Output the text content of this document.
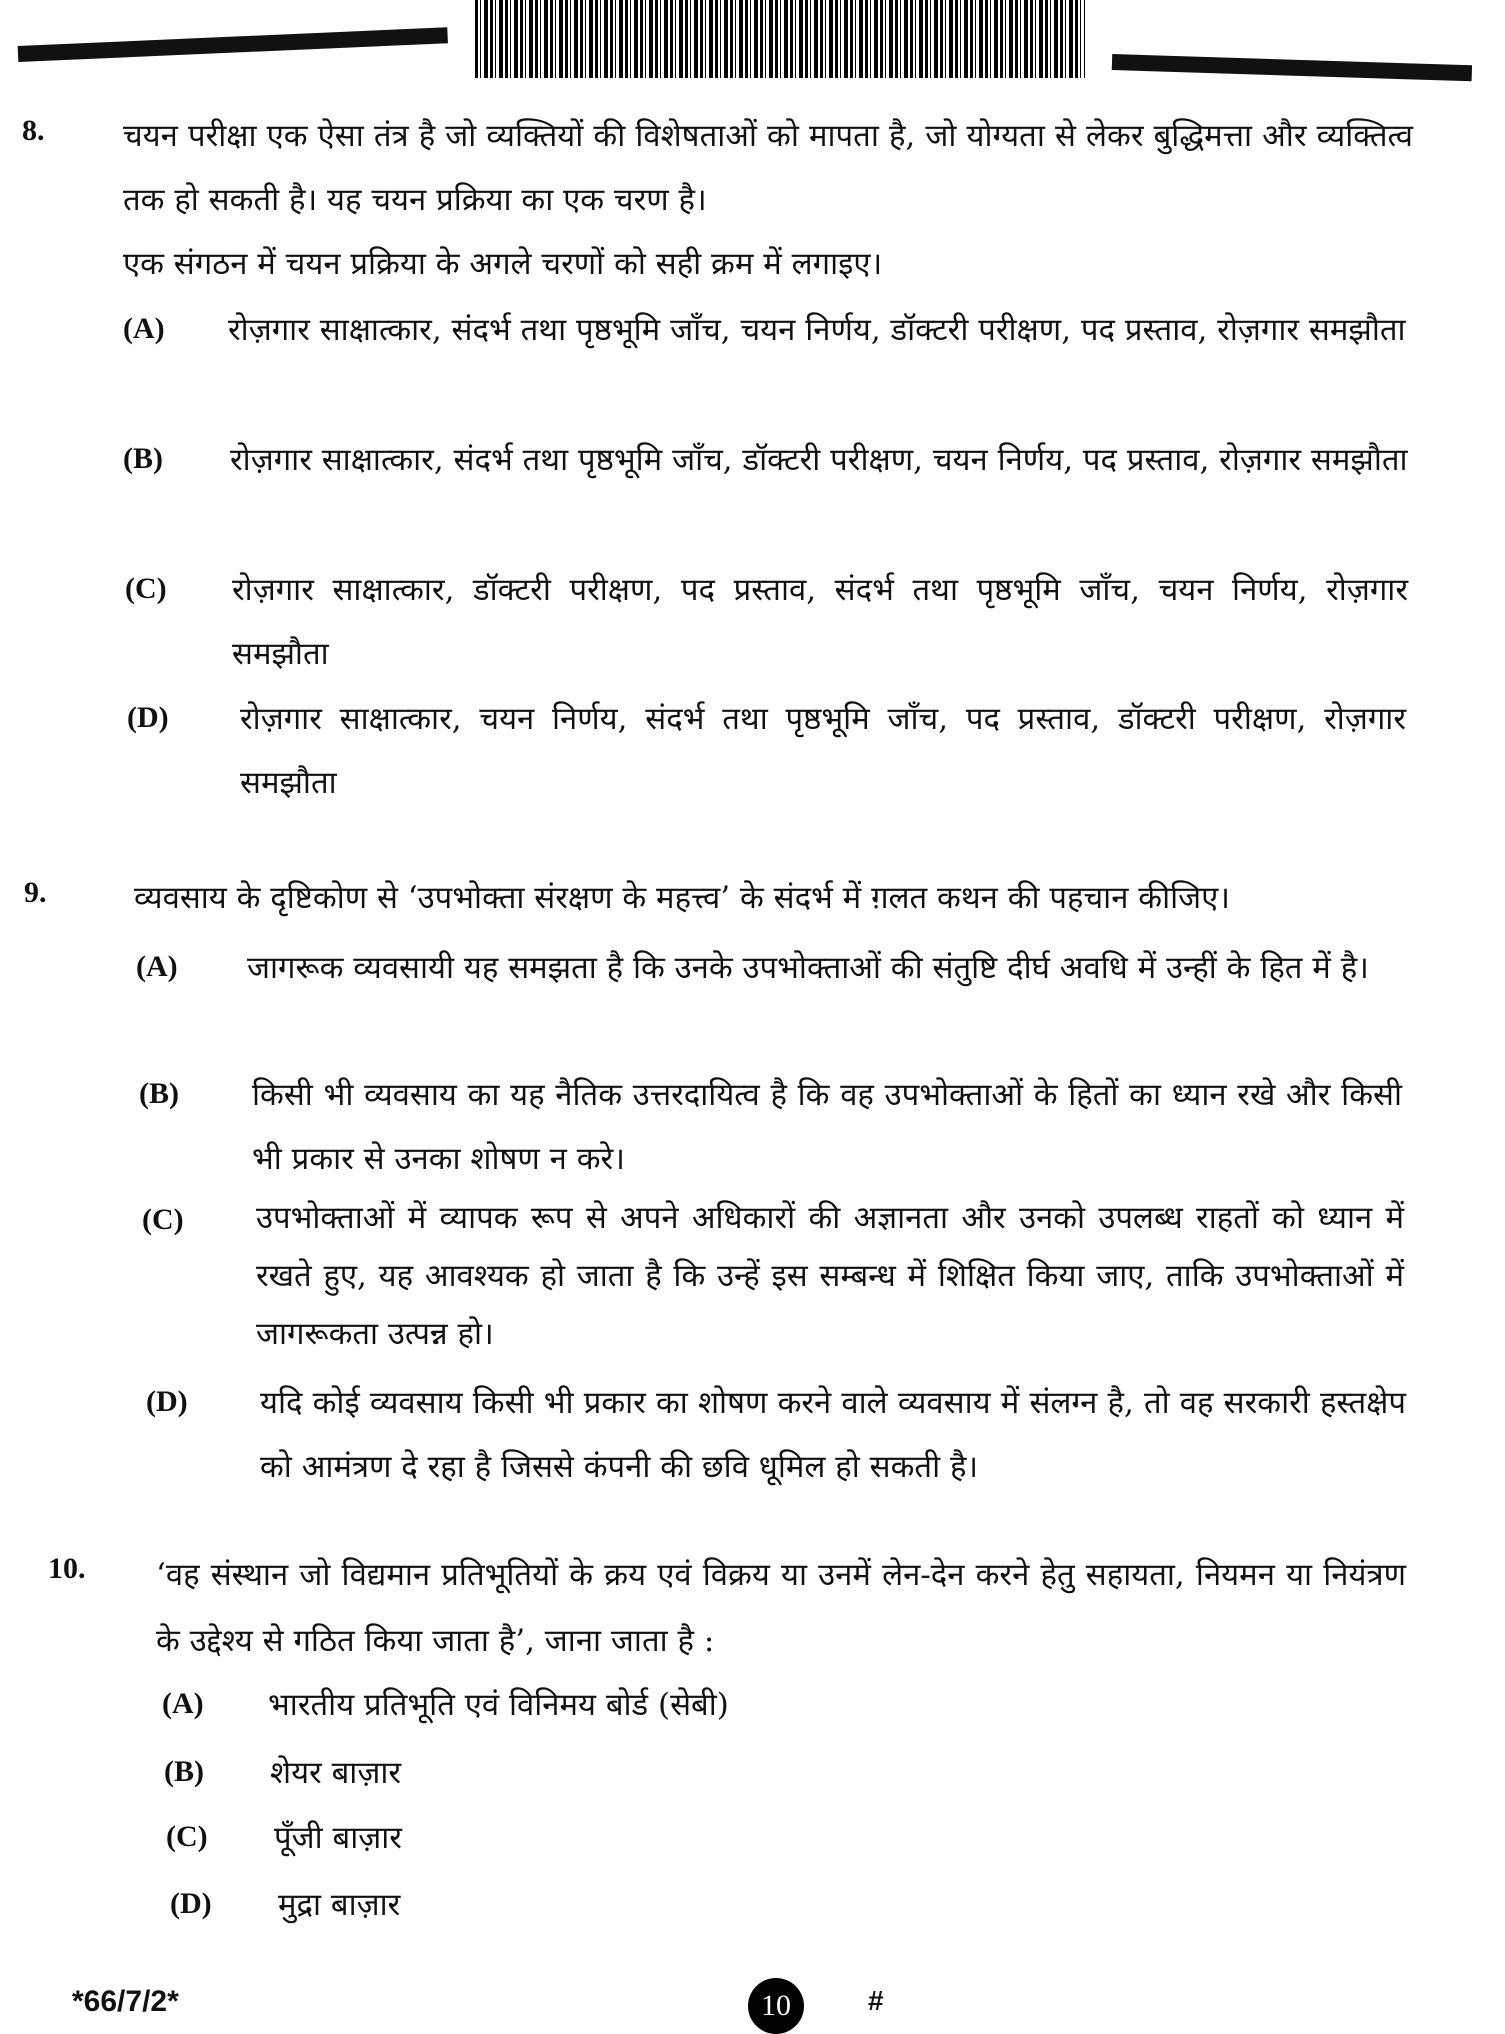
8.	चयन परीक्षा एक ऐसा तंत्र है जो व्यक्तियों की विशेषताओं को मापता है, जो योग्यता से लेकर बुद्धिमत्ता और व्यक्तित्व तक हो सकती है। यह चयन प्रक्रिया का एक चरण है।
एक संगठन में चयन प्रक्रिया के अगले चरणों को सही क्रम में लगाइए।
(A) रोज़गार साक्षात्कार, संदर्भ तथा पृष्ठभूमि जाँच, चयन निर्णय, डॉक्टरी परीक्षण, पद प्रस्ताव, रोज़गार समझौता
(B) रोज़गार साक्षात्कार, संदर्भ तथा पृष्ठभूमि जाँच, डॉक्टरी परीक्षण, चयन निर्णय, पद प्रस्ताव, रोज़गार समझौता
(C) रोज़गार साक्षात्कार, डॉक्टरी परीक्षण, पद प्रस्ताव, संदर्भ तथा पृष्ठभूमि जाँच, चयन निर्णय, रोज़गार समझौता
(D) रोज़गार साक्षात्कार, चयन निर्णय, संदर्भ तथा पृष्ठभूमि जाँच, पद प्रस्ताव, डॉक्टरी परीक्षण, रोज़गार समझौता
9.	व्यवसाय के दृष्टिकोण से ‘उपभोक्ता संरक्षण के महत्त्व’ के संदर्भ में ग़लत कथन की पहचान कीजिए।
(A) जागरूक व्यवसायी यह समझता है कि उनके उपभोक्ताओं की संतुष्टि दीर्घ अवधि में उन्हीं के हित में है।
(B) किसी भी व्यवसाय का यह नैतिक उत्तरदायित्व है कि वह उपभोक्ताओं के हितों का ध्यान रखे और किसी भी प्रकार से उनका शोषण न करे।
(C) उपभोक्ताओं में व्यापक रूप से अपने अधिकारों की अज्ञानता और उनको उपलब्ध राहतों को ध्यान में रखते हुए, यह आवश्यक हो जाता है कि उन्हें इस सम्बन्ध में शिक्षित किया जाए, ताकि उपभोक्ताओं में जागरूकता उत्पन्न हो।
(D) यदि कोई व्यवसाय किसी भी प्रकार का शोषण करने वाले व्यवसाय में संलग्न है, तो वह सरकारी हस्तक्षेप को आमंत्रण दे रहा है जिससे कंपनी की छवि धूमिल हो सकती है।
10. ‘वह संस्थान जो विद्यमान प्रतिभूतियों के क्रय एवं विक्रय या उनमें लेन-देन करने हेतु सहायता, नियमन या नियंत्रण के उद्देश्य से गठित किया जाता है’, जाना जाता है :
(A) भारतीय प्रतिभूति एवं विनिमय बोर्ड (सेबी)
(B) शेयर बाज़ार
(C) पूँजी बाज़ार
(D) मुद्रा बाज़ार
*66/7/2*	10	#
